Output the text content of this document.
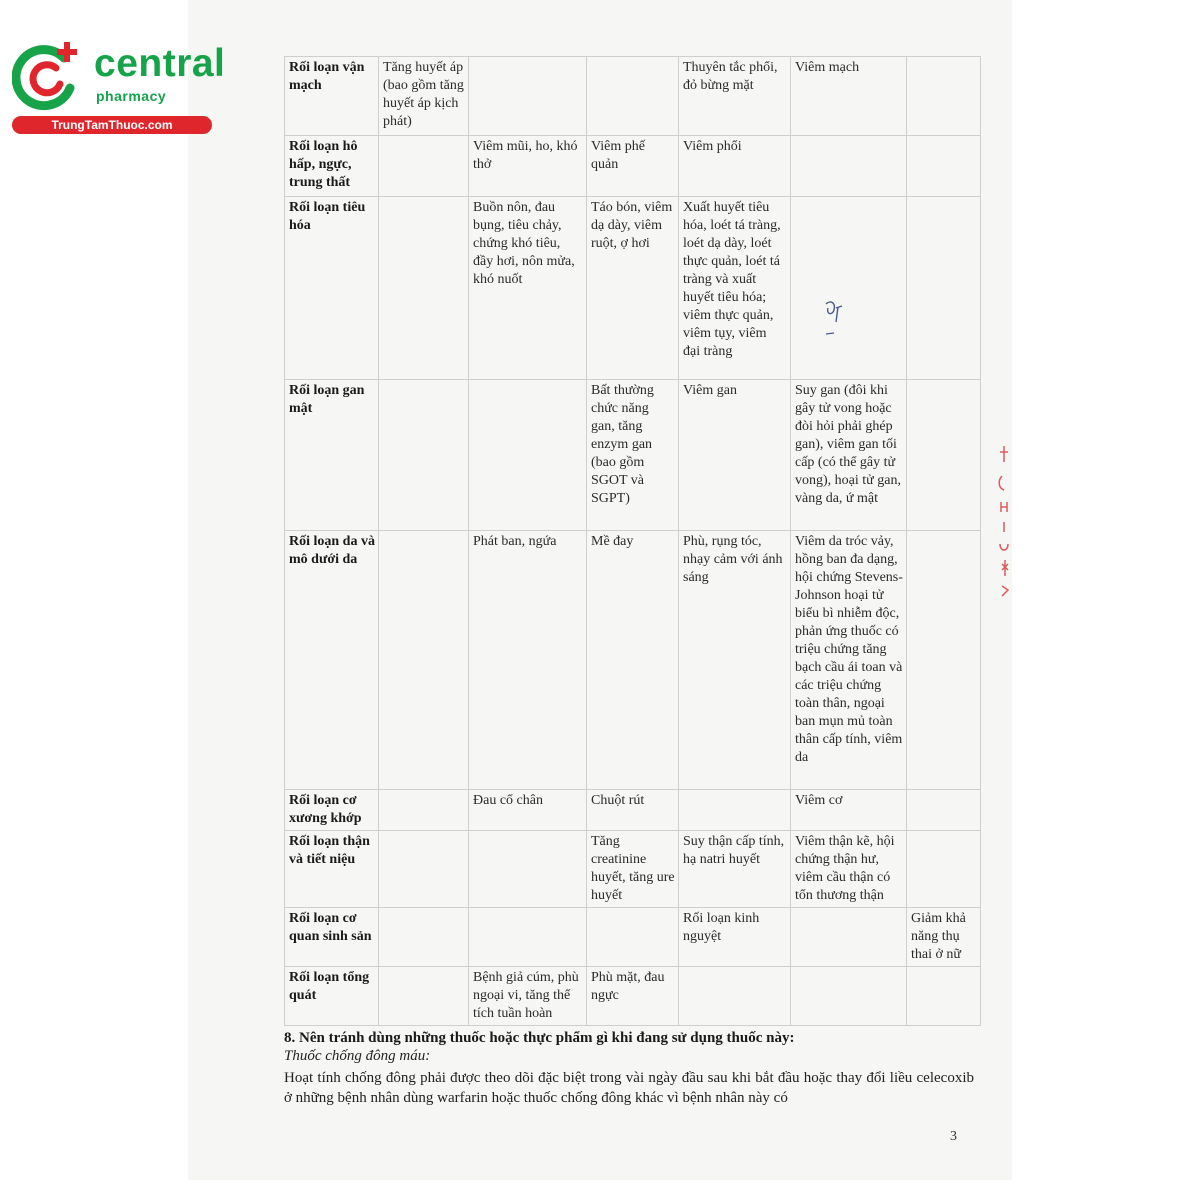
central
pharmacy
TrungTamThuoc.com
Rối loạn vận mạch	Tăng huyết áp (bao gồm tăng huyết áp kịch phát)			Thuyên tắc phổi, đỏ bừng mặt	Viêm mạch	
Rối loạn hô hấp, ngực, trung thất		Viêm mũi, ho, khó thở	Viêm phế quản	Viêm phổi		
Rối loạn tiêu hóa		Buồn nôn, đau bụng, tiêu chảy, chứng khó tiêu, đầy hơi, nôn mửa, khó nuốt	Táo bón, viêm dạ dày, viêm ruột, ợ hơi	Xuất huyết tiêu hóa, loét tá tràng, loét dạ dày, loét thực quản, loét tá tràng và xuất huyết tiêu hóa; viêm thực quản, viêm tụy, viêm đại tràng		
Rối loạn gan mật			Bất thường chức năng gan, tăng enzym gan (bao gồm SGOT và SGPT)	Viêm gan	Suy gan (đôi khi gây tử vong hoặc đòi hỏi phải ghép gan), viêm gan tối cấp (có thể gây tử vong), hoại tử gan, vàng da, ứ mật	
Rối loạn da và mô dưới da		Phát ban, ngứa	Mề đay	Phù, rụng tóc, nhạy cảm với ánh sáng	Viêm da tróc vảy, hồng ban đa dạng, hội chứng Stevens-Johnson hoại tử biểu bì nhiễm độc, phản ứng thuốc có triệu chứng tăng bạch cầu ái toan và các triệu chứng toàn thân, ngoại ban mụn mủ toàn thân cấp tính, viêm da	
Rối loạn cơ xương khớp		Đau cổ chân	Chuột rút		Viêm cơ	
Rối loạn thận và tiết niệu			Tăng creatinine huyết, tăng ure huyết	Suy thận cấp tính, hạ natri huyết	Viêm thận kẽ, hội chứng thận hư, viêm cầu thận có tổn thương thận	
Rối loạn cơ quan sinh sản				Rối loạn kinh nguyệt		Giảm khả năng thụ thai ở nữ
Rối loạn tổng quát		Bệnh giả cúm, phù ngoại vi, tăng thể tích tuần hoàn	Phù mặt, đau ngực			
8. Nên tránh dùng những thuốc hoặc thực phẩm gì khi đang sử dụng thuốc này:
Thuốc chống đông máu:
Hoạt tính chống đông phải được theo dõi đặc biệt trong vài ngày đầu sau khi bắt đầu hoặc thay đổi liều celecoxib ở những bệnh nhân dùng warfarin hoặc thuốc chống đông khác vì bệnh nhân này có
3
